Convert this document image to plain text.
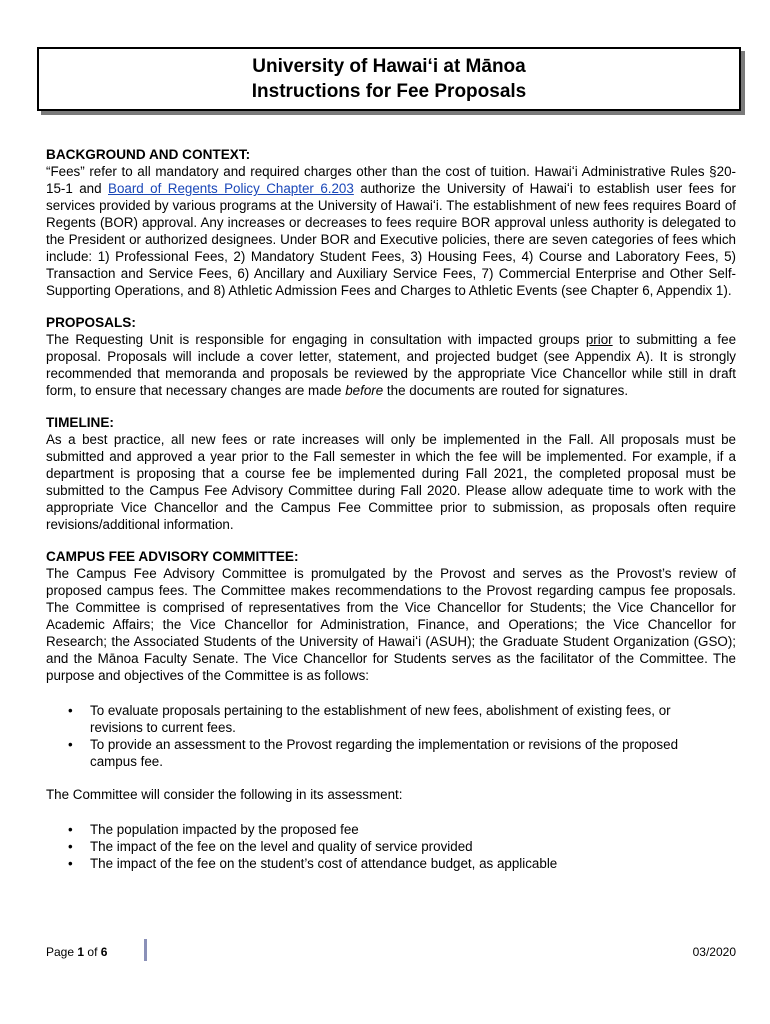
University of Hawaiʻi at Mānoa
Instructions for Fee Proposals
BACKGROUND AND CONTEXT:

“Fees” refer to all mandatory and required charges other than the cost of tuition. Hawaiʻi Administrative Rules §20-15-1 and Board of Regents Policy Chapter 6.203 authorize the University of Hawaiʻi to establish user fees for services provided by various programs at the University of Hawaiʻi. The establishment of new fees requires Board of Regents (BOR) approval. Any increases or decreases to fees require BOR approval unless authority is delegated to the President or authorized designees. Under BOR and Executive policies, there are seven categories of fees which include: 1) Professional Fees, 2) Mandatory Student Fees, 3) Housing Fees, 4) Course and Laboratory Fees, 5) Transaction and Service Fees, 6) Ancillary and Auxiliary Service Fees, 7) Commercial Enterprise and Other Self-Supporting Operations, and 8) Athletic Admission Fees and Charges to Athletic Events (see Chapter 6, Appendix 1).

PROPOSALS:

The Requesting Unit is responsible for engaging in consultation with impacted groups prior to submitting a fee proposal. Proposals will include a cover letter, statement, and projected budget (see Appendix A). It is strongly recommended that memoranda and proposals be reviewed by the appropriate Vice Chancellor while still in draft form, to ensure that necessary changes are made before the documents are routed for signatures.

TIMELINE:

As a best practice, all new fees or rate increases will only be implemented in the Fall. All proposals must be submitted and approved a year prior to the Fall semester in which the fee will be implemented. For example, if a department is proposing that a course fee be implemented during Fall 2021, the completed proposal must be submitted to the Campus Fee Advisory Committee during Fall 2020. Please allow adequate time to work with the appropriate Vice Chancellor and the Campus Fee Committee prior to submission, as proposals often require revisions/additional information.

CAMPUS FEE ADVISORY COMMITTEE:

The Campus Fee Advisory Committee is promulgated by the Provost and serves as the Provost’s review of proposed campus fees. The Committee makes recommendations to the Provost regarding campus fee proposals. The Committee is comprised of representatives from the Vice Chancellor for Students; the Vice Chancellor for Academic Affairs; the Vice Chancellor for Administration, Finance, and Operations; the Vice Chancellor for Research; the Associated Students of the University of Hawaiʻi (ASUH); the Graduate Student Organization (GSO); and the Mānoa Faculty Senate. The Vice Chancellor for Students serves as the facilitator of the Committee. The purpose and objectives of the Committee is as follows:

• To evaluate proposals pertaining to the establishment of new fees, abolishment of existing fees, or revisions to current fees.
• To provide an assessment to the Provost regarding the implementation or revisions of the proposed campus fee.

The Committee will consider the following in its assessment:

• The population impacted by the proposed fee
• The impact of the fee on the level and quality of service provided
• The impact of the fee on the student’s cost of attendance budget, as applicable
Page 1 of 6	03/2020
